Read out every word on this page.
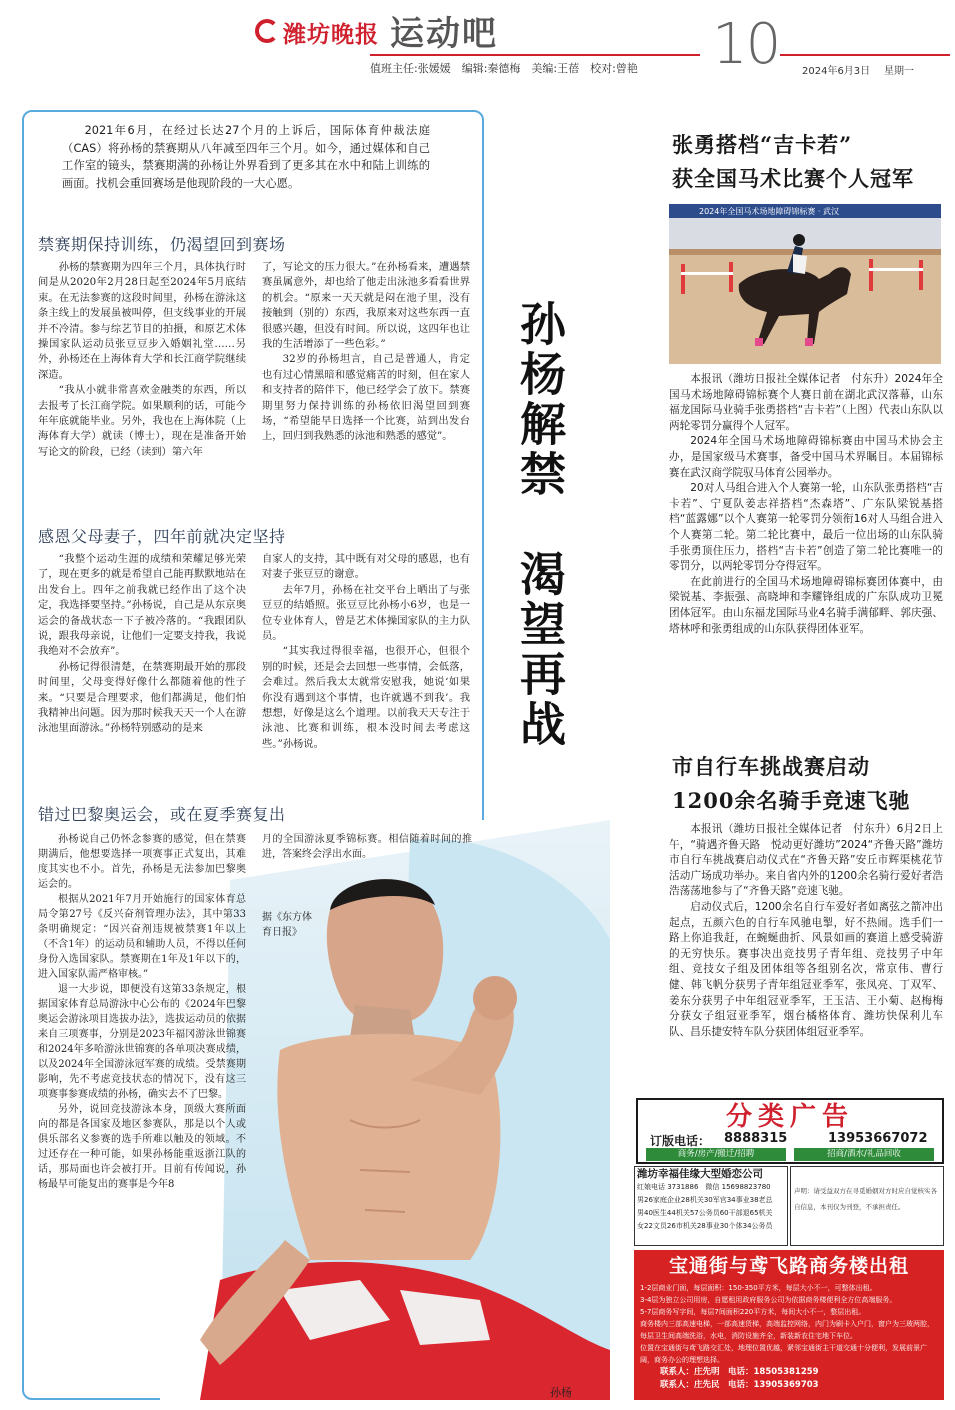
潍坊晚报 运动吧
值班主任:张媛媛　编辑:秦德梅　美编:王蓓　校对:曾艳 10 2024年6月3日 星期一
孙杨

2021年6月，在经过长达27个月的上诉后，国际体育仲裁法庭（CAS）将孙杨的禁赛期从八年减至四年三个月。如今，通过媒体和自己工作室的镜头，禁赛期满的孙杨让外界看到了更多其在水中和陆上训练的画面。找机会重回赛场是他现阶段的一大心愿。

禁赛期保持训练，仍渴望回到赛场

孙杨的禁赛期为四年三个月，具体执行时间是从2020年2月28日起至2024年5月底结束。在无法参赛的这段时间里，孙杨在游泳这条主线上的发展虽被叫停，但支线事业的开展并不冷清。参与综艺节目的拍摄，和原艺术体操国家队运动员张豆豆步入婚姻礼堂……另外，孙杨还在上海体育大学和长江商学院继续深造。

“我从小就非常喜欢金融类的东西，所以去报考了长江商学院。如果顺利的话，可能今年年底就能毕业。另外，我也在上海体院（上海体育大学）就读（博士），现在是准备开始写论文的阶段，已经（读到）第六年

了，写论文的压力很大。”在孙杨看来，遭遇禁赛虽属意外，却也给了他走出泳池多看看世界的机会。“原来一天天就是闷在池子里，没有接触到（别的）东西，我原来对这些东西一直很感兴趣，但没有时间。所以说，这四年也让我的生活增添了一些色彩。”

32岁的孙杨坦言，自己是普通人，肯定也有过心情黑暗和感觉痛苦的时刻，但在家人和支持者的陪伴下，他已经学会了放下。禁赛期里努力保持训练的孙杨依旧渴望回到赛场，“希望能早日选择一个比赛，站到出发台上，回归到我熟悉的泳池和熟悉的感觉”。

感恩父母妻子，四年前就决定坚持

“我整个运动生涯的成绩和荣耀足够光荣了，现在更多的就是希望自己能再默默地站在出发台上。四年之前我就已经作出了这个决定，我选择要坚持。”孙杨说，自己是从东京奥运会的备战状态一下子被冷落的。“我跟团队说，跟我母亲说，让他们一定要支持我，我说我绝对不会放弃”。

孙杨记得很清楚，在禁赛期最开始的那段时间里，父母变得好像什么都随着他的性子来。“只要是合理要求，他们都满足，他们怕我精神出问题。因为那时候我天天一个人在游泳池里面游泳。”孙杨特别感动的是来

自家人的支持，其中既有对父母的感恩，也有对妻子张豆豆的谢意。

去年7月，孙杨在社交平台上晒出了与张豆豆的结婚照。张豆豆比孙杨小6岁，也是一位专业体育人，曾是艺术体操国家队的主力队员。

“其实我过得很幸福，也很开心，但很个别的时候，还是会去回想一些事情，会低落，会难过。然后我太太就常安慰我，她说‘如果你没有遇到这个事情，也许就遇不到我’。我想想，好像是这么个道理。以前我天天专注于泳池、比赛和训练，根本没时间去考虑这些。”孙杨说。

错过巴黎奥运会，或在夏季赛复出

孙杨说自己仍怀念参赛的感觉，但在禁赛期满后，他想要选择一项赛事正式复出，其难度其实也不小。首先，孙杨是无法参加巴黎奥运会的。

根据从2021年7月开始施行的国家体育总局令第27号《反兴奋剂管理办法》，其中第33条明确规定：“因兴奋剂违规被禁赛1年以上（不含1年）的运动员和辅助人员，不得以任何身份入选国家队。禁赛期在1年及1年以下的，进入国家队需严格审核。”

退一大步说，即便没有这第33条规定，根据国家体育总局游泳中心公布的《2024年巴黎奥运会游泳项目选拔办法》，选拔运动员的依据来自三项赛事，分别是2023年福冈游泳世锦赛和2024年多哈游泳世锦赛的各单项决赛成绩，以及2024年全国游泳冠军赛的成绩。受禁赛期影响，先不考虑竞技状态的情况下，没有这三项赛事参赛成绩的孙杨，确实去不了巴黎。

另外，说回竞技游泳本身，顶级大赛所面向的都是各国家及地区参赛队，那是以个人或俱乐部名义参赛的选手所难以触及的领域。不过还存在一种可能，如果孙杨能重返浙江队的话，那局面也许会被打开。目前有传闻说，孙杨最早可能复出的赛事是今年8

月的全国游泳夏季锦标赛。相信随着时间的推进，答案终会浮出水面。

据《东方体育日报》
孙杨解禁　渴望再战
张勇搭档“吉卡若”
获全国马术比赛个人冠军
2024年全国马术场地障碍锦标赛 · 武汉

本报讯（潍坊日报社全媒体记者　付东升）2024年全国马术场地障碍锦标赛个人赛日前在湖北武汉落幕，山东福龙国际马业骑手张勇搭档“吉卡若”（上图）代表山东队以两轮零罚分赢得个人冠军。

2024年全国马术场地障碍锦标赛由中国马术协会主办，是国家级马术赛事，备受中国马术界瞩目。本届锦标赛在武汉商学院驭马体育公园举办。

20对人马组合进入个人赛第一轮，山东队张勇搭档“吉卡若”、宁夏队姜志祥搭档“杰森塔”、广东队梁锐基搭档“蓝露娜”以个人赛第一轮零罚分领衔16对人马组合进入个人赛第二轮。第二轮比赛中，最后一位出场的山东队骑手张勇顶住压力，搭档“吉卡若”创造了第二轮比赛唯一的零罚分，以两轮零罚分夺得冠军。

在此前进行的全国马术场地障碍锦标赛团体赛中，由梁锐基、李振强、高晓坤和李耀锋组成的广东队成功卫冕团体冠军。由山东福龙国际马业4名骑手满郁畔、郭庆强、塔林呼和张勇组成的山东队获得团体亚军。

市自行车挑战赛启动
1200余名骑手竞速飞驰

本报讯（潍坊日报社全媒体记者　付东升）6月2日上午，“骑遇齐鲁天路　悦动更好潍坊”2024“齐鲁天路”潍坊市自行车挑战赛启动仪式在“齐鲁天路”安丘市辉渠桃花节活动广场成功举办。来自省内外的1200余名骑行爱好者浩浩荡荡地参与了“齐鲁天路”竞速飞驰。

启动仪式后，1200余名自行车爱好者如离弦之箭冲出起点，五颜六色的自行车风驰电掣，好不热闹。选手们一路上你追我赶，在蜿蜒曲折、风景如画的赛道上感受骑游的无穷快乐。赛事决出竞技男子青年组、竞技男子中年组、竞技女子组及团体组等各组别名次，常京伟、曹行健、韩飞帆分获男子青年组冠亚季军，张凤亮、丁双军、姜东分获男子中年组冠亚季军，王玉洁、王小菊、赵梅梅分获女子组冠亚季军，烟台橘格体育、潍坊快保利儿车队、昌乐捷安特车队分获团体组冠亚季军。

分类广告
订版电话： 8888315	13953667072
商务/房产/搬迁/招聘	招商/酒水/礼品回收
潍坊幸福佳缘大型婚恋公司
红娘电话 3731886　微信 15698823780
男26家庭企业28机关30军官34事业38老总
男40医生44机关57公务员60干部退65机关
女22文员26市机关28事业30个体34公务员
声明：请受益双方在寻觅婚姻对方时应自觉核实各自信息，本刊仅为刊登，不承担责任。
宝通街与鸢飞路商务楼出租
1-2层商业门面，每层面积：150-350平方米，每层大小不一，可整体出租。
3-4层为独立公司用房，自愿租用政府服务公司为依据商务楼便利全方位高端服务。
5-7层商务写字间，每层7间面积220平方米，每间大小不一，整层出租。
商务楼内三部高速电梯，一部高速货梯，高端监控网络，内门为刷卡入户门，窗户为三玻两腔，每层卫生间高端洗浴，水电，消防设施齐全，新装新农住宅地下车位。
位置在宝通街与鸢飞路交汇处，地理位置优越，紧邻宝通街主干道交通十分便利，发展前景广阔，商务办公的理想选择。
联系人：庄先明　电话：18505381259
联系人：庄先民　电话：13905369703
